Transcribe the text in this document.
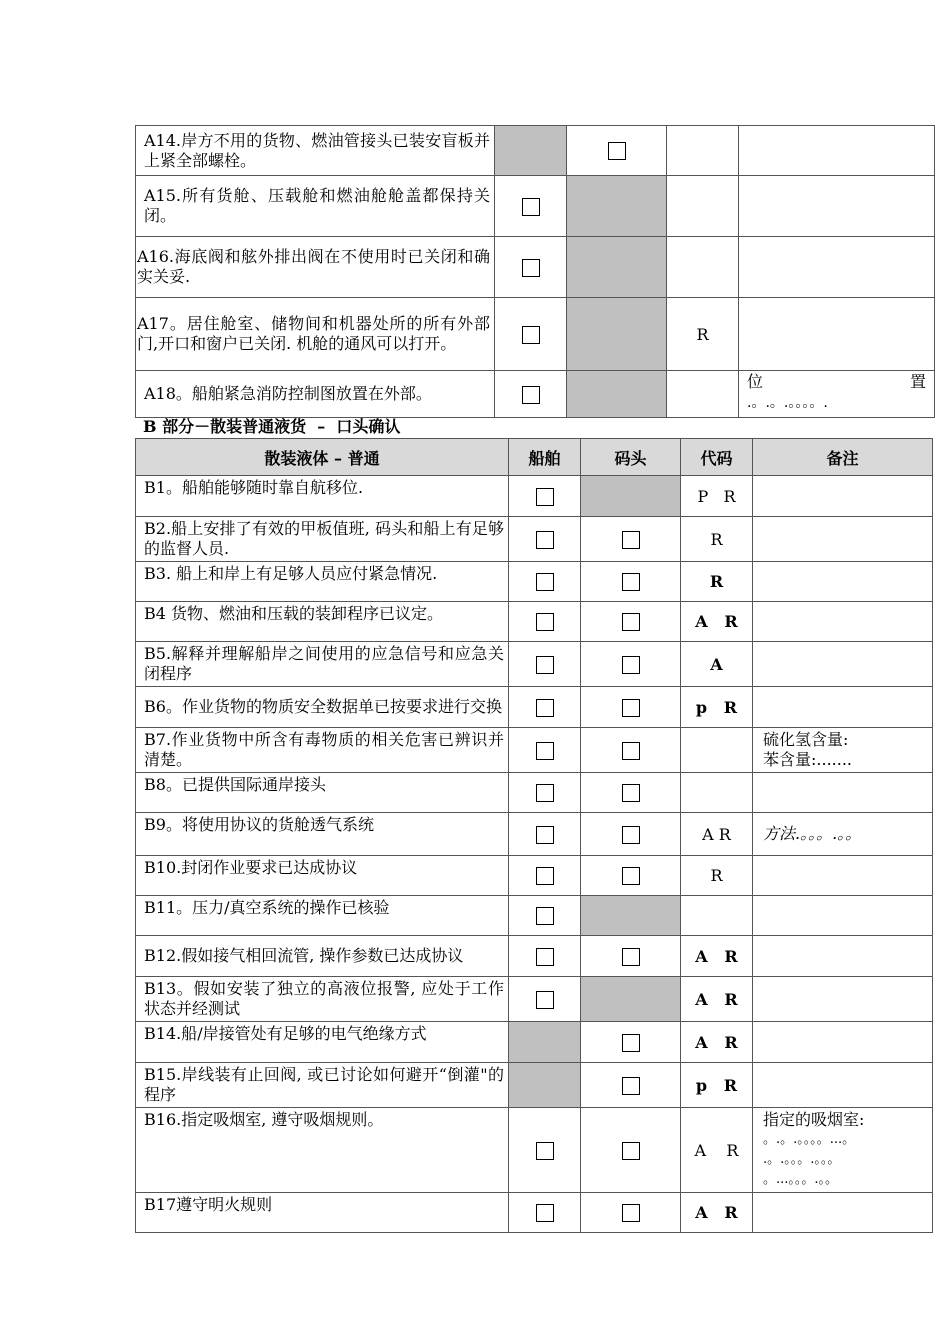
A14.岸方不用的货物、燃油管接头已装安盲板并上紧全部螺栓。				
A15.所有货舱、压载舱和燃油舱舱盖都保持关闭。				
A16.海底阀和舷外排出阀在不使用时已关闭和确实关妥.				
A17。居住舱室、储物间和机器处所的所有外部门,开口和窗户已关闭. 机舱的通风可以打开。			R	
A18。船舶紧急消防控制图放置在外部。				位 置
.。.。.。。。。.
B 部分－散装普通液货  –  口头确认
散装液体 – 普通	船舶	码头	代码	备注
B1。船舶能够随时靠自航移位.			P   R	

B2.船上安排了有效的甲板值班, 码头和船上有足够的监督人员.			R	
B3. 船上和岸上有足够人员应付紧急情况.			R	
B4 货物、燃油和压载的装卸程序已议定。			A   R	
B5.解释并理解船岸之间使用的应急信号和应急关闭程序			A	
B6。作业货物的物质安全数据单已按要求进行交换			p   R	
B7.作业货物中所含有毒物质的相关危害已辨识并清楚。				硫化氢含量:
苯含量:.......

B8。已提供国际通岸接头				
B9。将使用协议的货舱透气系统			A R	方法.。。。.。。
B10.封闭作业要求已达成协议			R	
B11。压力/真空系统的操作已核验				
B12.假如接气相回流管, 操作参数已达成协议			A   R	
B13。假如安装了独立的高液位报警, 应处于工作状态并经测试			A   R	
B14.船/岸接管处有足够的电气绝缘方式			A   R	
B15.岸线装有止回阀, 或已讨论如何避开“倒灌"的程序			p   R	
B16.指定吸烟室, 遵守吸烟规则。			A    R	指定的吸烟室:
。.。.。。。。...。
.。.。。。.。。。
。...。。。.。。

B17遵守明火规则			A   R	
